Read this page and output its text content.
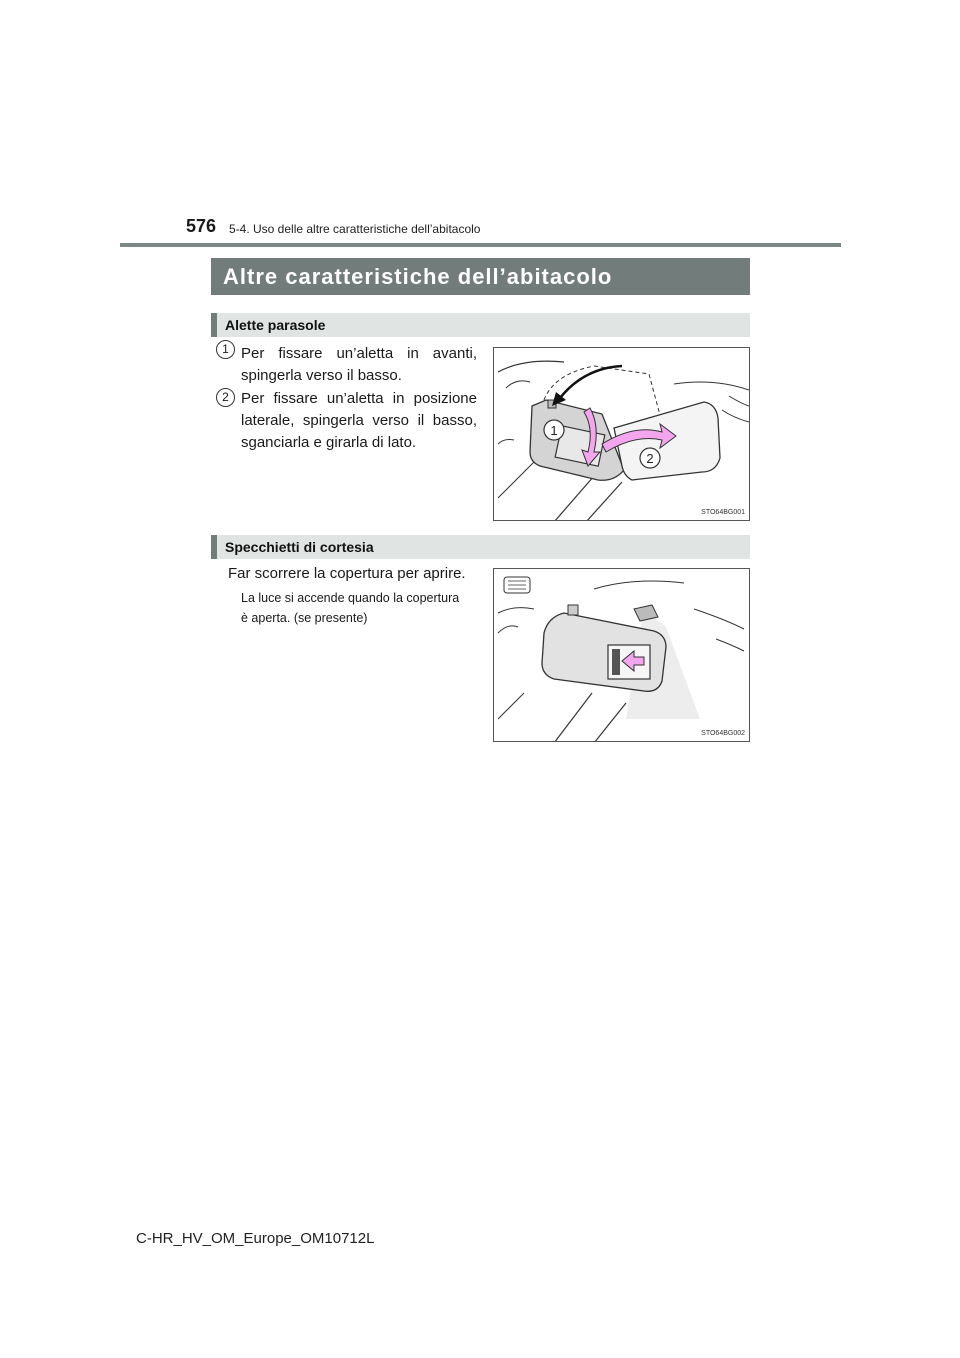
576 5-4. Uso delle altre caratteristiche dell’abitacolo
Altre caratteristiche dell’abitacolo
Alette parasole
1 Per fissare un’aletta in avanti, spingerla verso il basso.
2 Per fissare un’aletta in posizione laterale, spingerla verso il basso, sganciarla e girarla di lato.
1
2
STO64BG001
Specchietti di cortesia
Far scorrere la copertura per aprire.
La luce si accende quando la copertura
è aperta. (se presente)
STO64BG002
C-HR_HV_OM_Europe_OM10712L
